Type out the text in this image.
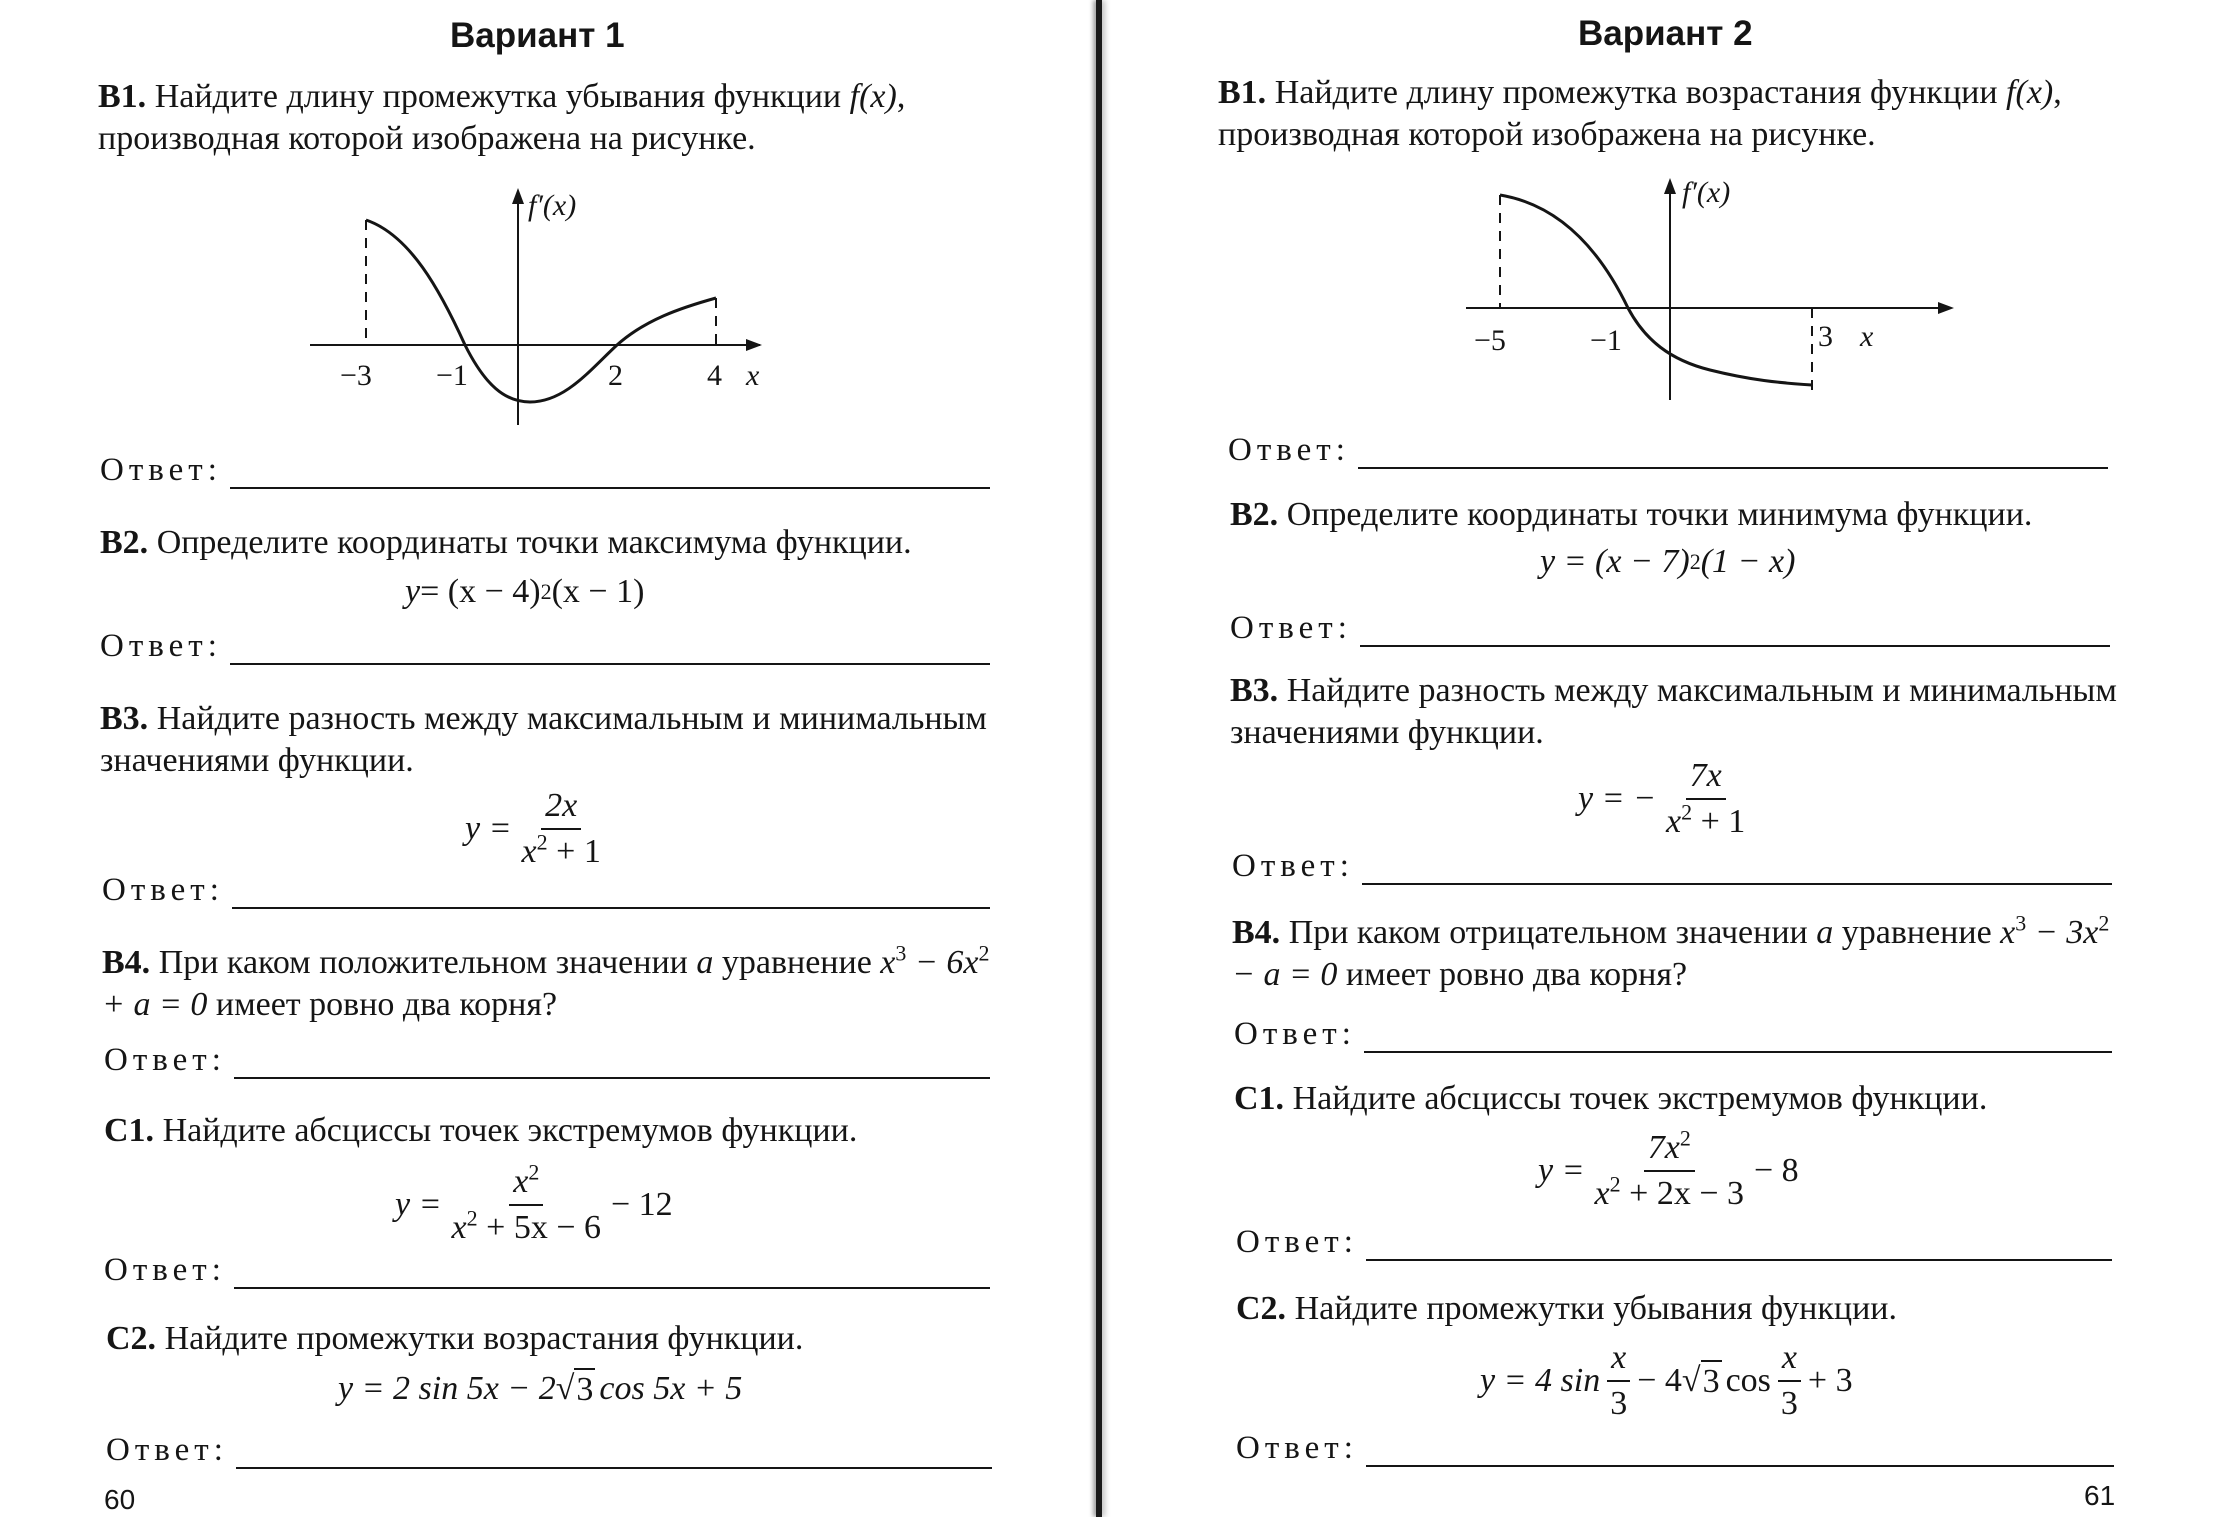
Вариант 1
B1. Найдите длину промежутка убывания функции f(x), производная которой изображена на рисунке.
f′(x)
−3 −1	2	4 x
Ответ:
B2. Определите координаты точки максимума функции.
y = (x − 4) 2 (x − 1)
Ответ:
B3. Найдите разность между максимальным и минимальным значениями функции.
$y = \frac{2x}{x^2 + 1}$
Ответ:
B4. При каком положительном значении a уравнение $x^3 - 6x^2 + a = 0$ имеет ровно два корня?
Ответ:
C1. Найдите абсциссы точек экстремумов функции.
$y = \frac{x^2}{x^2 + 5x - 6} - 12$
Ответ:
C2. Найдите промежутки возрастания функции.
y = 2 sin 5x − 2 √ 3 cos 5x + 5
Ответ:
60
Вариант 2
B1. Найдите длину промежутка возрастания функции f(x), производная которой изображена на рисунке.
f′(x)
−5	−1	3 x
Ответ:
B2. Определите координаты точки минимума функции.
y = (x − 7) 2 (1 − x)
Ответ:
B3. Найдите разность между максимальным и минимальным значениями функции.
y = − $\frac{7x}{x^2 + 1}$
Ответ:
B4. При каком отрицательном значении a уравнение $x^3 - 3x^2 - a = 0$ имеет ровно два корня?
Ответ:
C1. Найдите абсциссы точек экстремумов функции.
$y = \frac{7x^2}{x^2 + 2x - 3} - 8$
Ответ:
C2. Найдите промежутки убывания функции.
y = 4 $\sin \frac{x}{3} - 4$ √ 3 $\cos \frac{x}{3} + 3$
Ответ:
61
